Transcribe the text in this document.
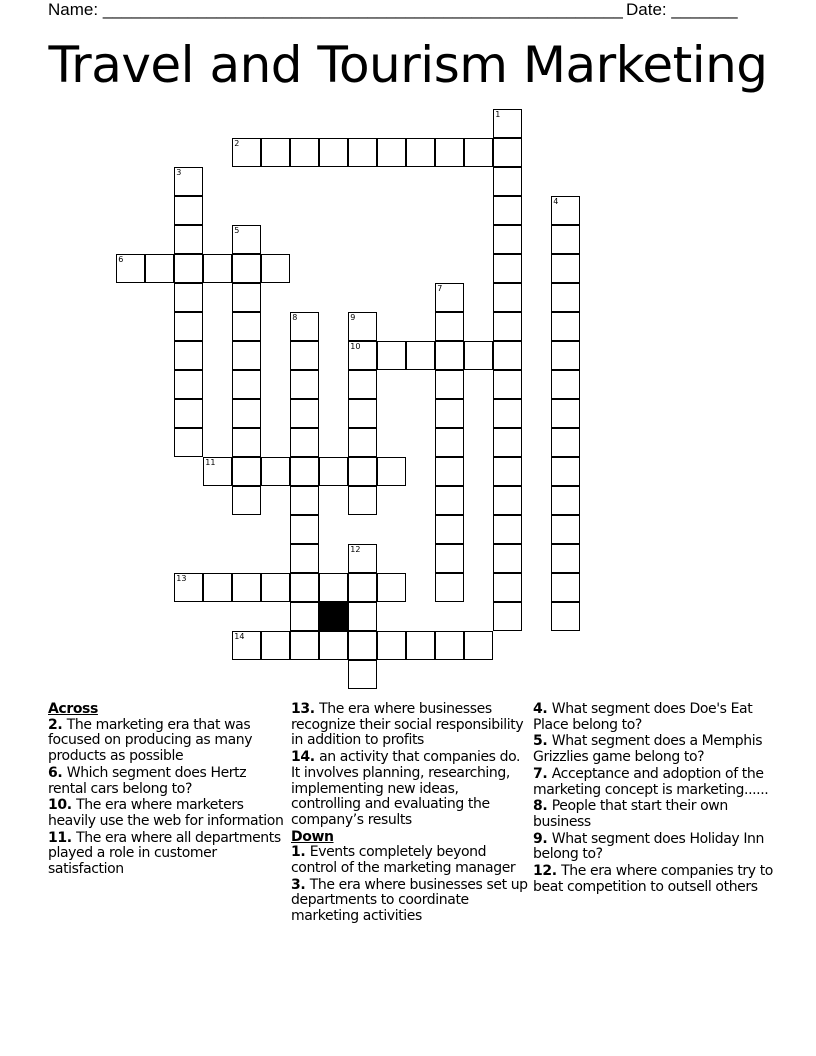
Name: _______________________________________________________ Date: _______
Travel and Tourism Marketing
1
2
3
4
5
6
7
8	9
10
11
12
13
14
Across
2. The marketing era that was focused on producing as many products as possible
6. Which segment does Hertz rental cars belong to?
10. The era where marketers heavily use the web for information
11. The era where all departments played a role in customer satisfaction
13. The era where businesses recognize their social responsibility in addition to profits
14. an activity that companies do. It involves planning, researching, implementing new ideas, controlling and evaluating the company’s results
Down
1. Events completely beyond control of the marketing manager
3. The era where businesses set up departments to coordinate marketing activities
4. What segment does Doe's Eat Place belong to?
5. What segment does a Memphis Grizzlies game belong to?
7. Acceptance and adoption of the marketing concept is marketing......
8. People that start their own business
9. What segment does Holiday Inn belong to?
12. The era where companies try to beat competition to outsell others
